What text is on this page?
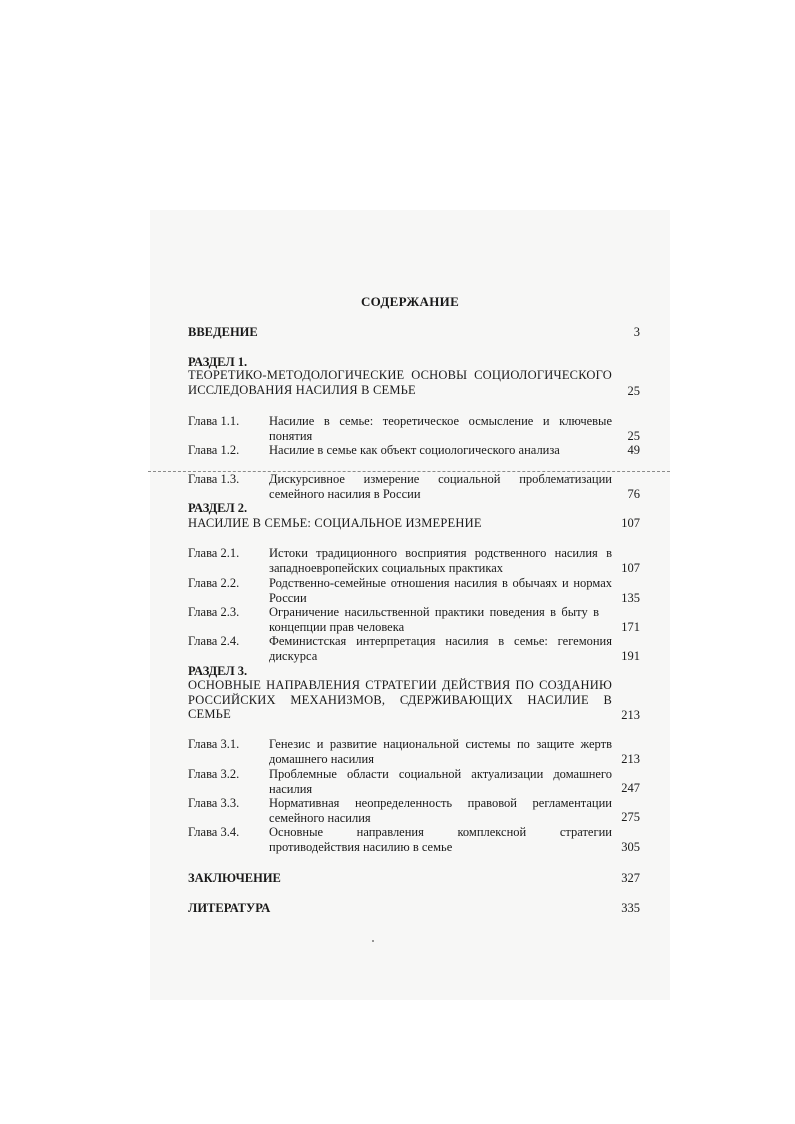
СОДЕРЖАНИЕ
ВВЕДЕНИЕ	3
РАЗДЕЛ 1.
ТЕОРЕТИКО-МЕТОДОЛОГИЧЕСКИЕ ОСНОВЫ СОЦИОЛОГИЧЕСКОГО ИССЛЕДОВАНИЯ НАСИЛИЯ В СЕМЬЕ	25
Глава 1.1. Насилие в семье: теоретическое осмысление и ключевые понятия	25
Глава 1.2. Насилие в семье как объект социологического анализа	49
Глава 1.3. Дискурсивное измерение социальной проблематизации семейного насилия в России	76
РАЗДЕЛ 2.
НАСИЛИЕ В СЕМЬЕ: СОЦИАЛЬНОЕ ИЗМЕРЕНИЕ	107
Глава 2.1. Истоки традиционного восприятия родственного насилия в западноевропейских социальных практиках	107
Глава 2.2. Родственно-семейные отношения насилия в обычаях и нормах России	135
Глава 2.3. Ограничение насильственной практики поведения в быту в концепции прав человека	171
Глава 2.4. Феминистская интерпретация насилия в семье: гегемония дискурса	191
РАЗДЕЛ 3.
ОСНОВНЫЕ НАПРАВЛЕНИЯ СТРАТЕГИИ ДЕЙСТВИЯ ПО СОЗДАНИЮ РОССИЙСКИХ МЕХАНИЗМОВ, СДЕРЖИВАЮЩИХ НАСИЛИЕ В СЕМЬЕ	213
Глава 3.1. Генезис и развитие национальной системы по защите жертв домашнего насилия	213
Глава 3.2. Проблемные области социальной актуализации домашнего насилия	247
Глава 3.3. Нормативная неопределенность правовой регламентации семейного насилия	275
Глава 3.4. Основные направления комплексной стратегии противодействия насилию в семье	305
ЗАКЛЮЧЕНИЕ	327
ЛИТЕРАТУРА	335
